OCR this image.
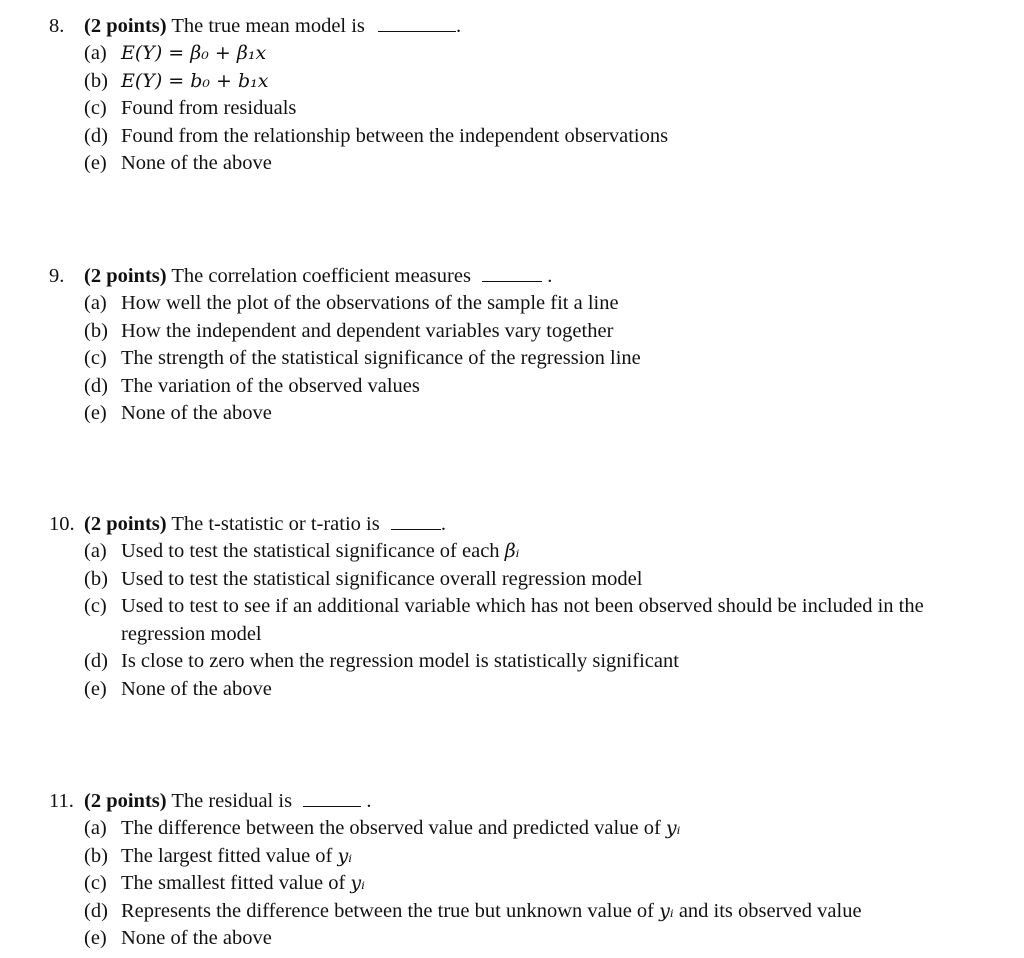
8. (2 points) The true mean model is	.
(a) E(Y) = β₀ + β₁x
(b) E(Y) = b₀ + b₁x
(c) Found from residuals
(d) Found from the relationship between the independent observations
(e) None of the above
9. (2 points) The correlation coefficient measures	.
(a) How well the plot of the observations of the sample fit a line
(b) How the independent and dependent variables vary together
(c) The strength of the statistical significance of the regression line
(d) The variation of the observed values
(e) None of the above
10. (2 points) The t-statistic or t-ratio is	.
(a) Used to test the statistical significance of each βᵢ
(b) Used to test the statistical significance overall regression model
(c) Used to test to see if an additional variable which has not been observed should be included in the regression model
(d) Is close to zero when the regression model is statistically significant
(e) None of the above
11. (2 points) The residual is	.
(a) The difference between the observed value and predicted value of yᵢ
(b) The largest fitted value of yᵢ
(c) The smallest fitted value of yᵢ
(d) Represents the difference between the true but unknown value of yᵢ and its observed value
(e) None of the above
